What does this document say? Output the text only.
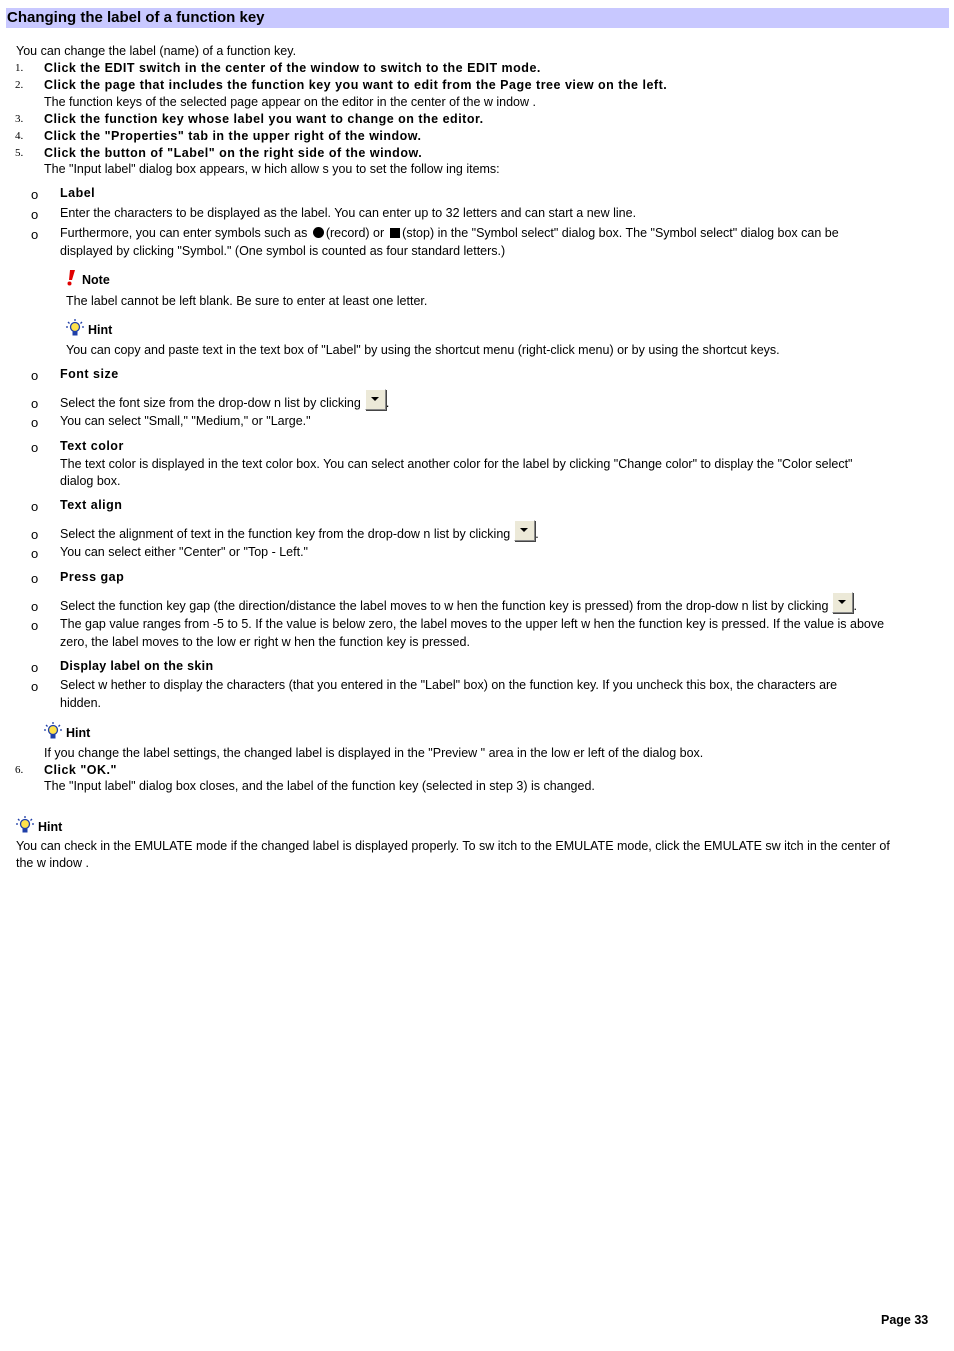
Changing the label of a function key
You can change the label (name) of a function key.
1. Click the EDIT switch in the center of the window to switch to the EDIT mode.
2. Click the page that includes the function key you want to edit from the Page tree view on the left.
The function keys of the selected page appear on the editor in the center of the w indow .
3. Click the function key whose label you want to change on the editor.
4. Click the "Properties" tab in the upper right of the window.
5. Click the button of "Label" on the right side of the window.
The "Input label" dialog box appears, w hich allow s you to set the follow ing items:
o Label
o Enter the characters to be displayed as the label. You can enter up to 32 letters and can start a new line.
o Furthermore, you can enter symbols such as (record) or (stop) in the "Symbol select" dialog box. The "Symbol select" dialog box can be
displayed by clicking "Symbol." (One symbol is counted as four standard letters.)
Note
The label cannot be left blank. Be sure to enter at least one letter.
Hint
You can copy and paste text in the text box of "Label" by using the shortcut menu (right-click menu) or by using the shortcut keys.
o Font size
o Select the font size from the drop-dow n list by clicking .
o You can select "Small," "Medium," or "Large."
o Text color
The text color is displayed in the text color box. You can select another color for the label by clicking "Change color" to display the "Color select"
dialog box.
o Text align
o Select the alignment of text in the function key from the drop-dow n list by clicking .
o You can select either "Center" or "Top - Left."
o Press gap
o Select the function key gap (the direction/distance the label moves to w hen the function key is pressed) from the drop-dow n list by clicking .
o The gap value ranges from -5 to 5. If the value is below zero, the label moves to the upper left w hen the function key is pressed. If the value is above
zero, the label moves to the low er right w hen the function key is pressed.
o Display label on the skin
o Select w hether to display the characters (that you entered in the "Label" box) on the function key. If you uncheck this box, the characters are
hidden.
Hint
If you change the label settings, the changed label is displayed in the "Preview " area in the low er left of the dialog box.
6. Click "OK."
The "Input label" dialog box closes, and the label of the function key (selected in step 3) is changed.
Hint
You can check in the EMULATE mode if the changed label is displayed properly. To sw itch to the EMULATE mode, click the EMULATE sw itch in the center of
the w indow .
Page 33
